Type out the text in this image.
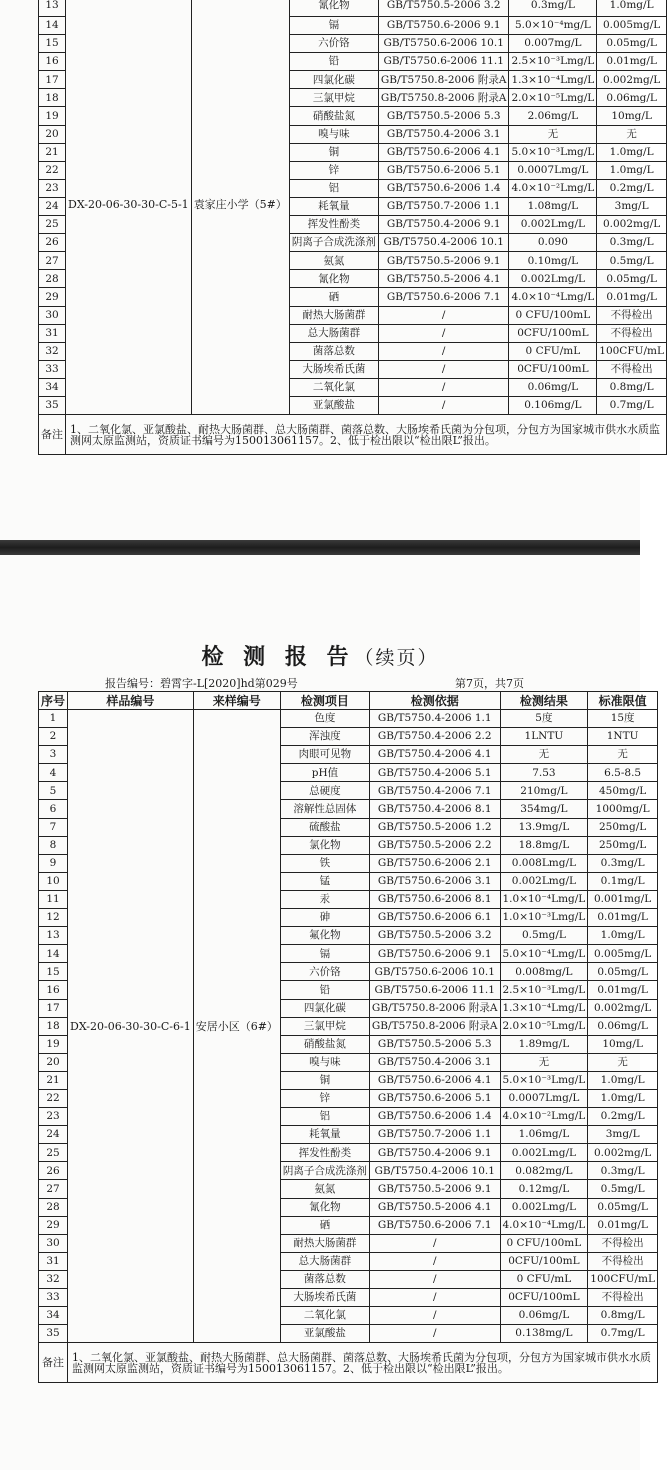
13	DX-20-06-30-30-C-5-1	袁家庄小学（5#）	氰化物	GB/T5750.5-2006 3.2	0.3mg/L	1.0mg/L
14			镉	GB/T5750.6-2006 9.1	5.0×10⁻⁴mg/L	0.005mg/L
15			六价铬	GB/T5750.6-2006 10.1	0.007mg/L	0.05mg/L
16			铅	GB/T5750.6-2006 11.1	2.5×10⁻³Lmg/L	0.01mg/L
17			四氯化碳	GB/T5750.8-2006 附录A	1.3×10⁻⁴Lmg/L	0.002mg/L
18			三氯甲烷	GB/T5750.8-2006 附录A	2.0×10⁻⁵Lmg/L	0.06mg/L
19			硝酸盐氮	GB/T5750.5-2006 5.3	2.06mg/L	10mg/L
20			嗅与味	GB/T5750.4-2006 3.1	无	无
21			铜	GB/T5750.6-2006 4.1	5.0×10⁻³Lmg/L	1.0mg/L
22			锌	GB/T5750.6-2006 5.1	0.0007Lmg/L	1.0mg/L
23			铝	GB/T5750.6-2006 1.4	4.0×10⁻²Lmg/L	0.2mg/L
24			耗氧量	GB/T5750.7-2006 1.1	1.08mg/L	3mg/L
25			挥发性酚类	GB/T5750.4-2006 9.1	0.002Lmg/L	0.002mg/L
26			阴离子合成洗涤剂	GB/T5750.4-2006 10.1	0.090	0.3mg/L
27			氨氮	GB/T5750.5-2006 9.1	0.10mg/L	0.5mg/L
28			氰化物	GB/T5750.5-2006 4.1	0.002Lmg/L	0.05mg/L
29			硒	GB/T5750.6-2006 7.1	4.0×10⁻⁴Lmg/L	0.01mg/L
30			耐热大肠菌群	/	0 CFU/100mL	不得检出
31			总大肠菌群	/	0CFU/100mL	不得检出
32			菌落总数	/	0 CFU/mL	100CFU/mL
33			大肠埃希氏菌	/	0CFU/100mL	不得检出
34			二氧化氯	/	0.06mg/L	0.8mg/L
35			亚氯酸盐	/	0.106mg/L	0.7mg/L
备注	1、二氧化氯、亚氯酸盐、耐热大肠菌群、总大肠菌群、菌落总数、大肠埃希氏菌为分包项，分包方为国家城市供水水质监测网太原监测站，资质证书编号为150013061157。2、低于检出限以“检出限L”报出。					
检 测 报 告（续页）
报告编号：碧霄字-L[2020]hd第029号	第7页，共7页
序号	样品编号	来样编号	检测项目	检测依据	检测结果	标准限值
1	DX-20-06-30-30-C-6-1	安居小区（6#）	色度	GB/T5750.4-2006 1.1	5度	15度
2			浑浊度	GB/T5750.4-2006 2.2	1LNTU	1NTU
3			肉眼可见物	GB/T5750.4-2006 4.1	无	无
4			pH值	GB/T5750.4-2006 5.1	7.53	6.5-8.5
5			总硬度	GB/T5750.4-2006 7.1	210mg/L	450mg/L
6			溶解性总固体	GB/T5750.4-2006 8.1	354mg/L	1000mg/L
7			硫酸盐	GB/T5750.5-2006 1.2	13.9mg/L	250mg/L
8			氯化物	GB/T5750.5-2006 2.2	18.8mg/L	250mg/L
9			铁	GB/T5750.6-2006 2.1	0.008Lmg/L	0.3mg/L
10			锰	GB/T5750.6-2006 3.1	0.002Lmg/L	0.1mg/L
11			汞	GB/T5750.6-2006 8.1	1.0×10⁻⁴Lmg/L	0.001mg/L
12			砷	GB/T5750.6-2006 6.1	1.0×10⁻³Lmg/L	0.01mg/L
13			氟化物	GB/T5750.5-2006 3.2	0.5mg/L	1.0mg/L
14			镉	GB/T5750.6-2006 9.1	5.0×10⁻⁴Lmg/L	0.005mg/L
15			六价铬	GB/T5750.6-2006 10.1	0.008mg/L	0.05mg/L
16			铅	GB/T5750.6-2006 11.1	2.5×10⁻³Lmg/L	0.01mg/L
17			四氯化碳	GB/T5750.8-2006 附录A	1.3×10⁻⁴Lmg/L	0.002mg/L
18			三氯甲烷	GB/T5750.8-2006 附录A	2.0×10⁻⁵Lmg/L	0.06mg/L
19			硝酸盐氮	GB/T5750.5-2006 5.3	1.89mg/L	10mg/L
20			嗅与味	GB/T5750.4-2006 3.1	无	无
21			铜	GB/T5750.6-2006 4.1	5.0×10⁻³Lmg/L	1.0mg/L
22			锌	GB/T5750.6-2006 5.1	0.0007Lmg/L	1.0mg/L
23			铝	GB/T5750.6-2006 1.4	4.0×10⁻²Lmg/L	0.2mg/L
24			耗氧量	GB/T5750.7-2006 1.1	1.06mg/L	3mg/L
25			挥发性酚类	GB/T5750.4-2006 9.1	0.002Lmg/L	0.002mg/L
26			阴离子合成洗涤剂	GB/T5750.4-2006 10.1	0.082mg/L	0.3mg/L
27			氨氮	GB/T5750.5-2006 9.1	0.12mg/L	0.5mg/L
28			氰化物	GB/T5750.5-2006 4.1	0.002Lmg/L	0.05mg/L
29			硒	GB/T5750.6-2006 7.1	4.0×10⁻⁴Lmg/L	0.01mg/L
30			耐热大肠菌群	/	0 CFU/100mL	不得检出
31			总大肠菌群	/	0CFU/100mL	不得检出
32			菌落总数	/	0 CFU/mL	100CFU/mL
33			大肠埃希氏菌	/	0CFU/100mL	不得检出
34			二氧化氯	/	0.06mg/L	0.8mg/L
35			亚氯酸盐	/	0.138mg/L	0.7mg/L
备注	1、二氧化氯、亚氯酸盐、耐热大肠菌群、总大肠菌群、菌落总数、大肠埃希氏菌为分包项，分包方为国家城市供水水质监测网太原监测站，资质证书编号为150013061157。2、低于检出限以“检出限L”报出。					
